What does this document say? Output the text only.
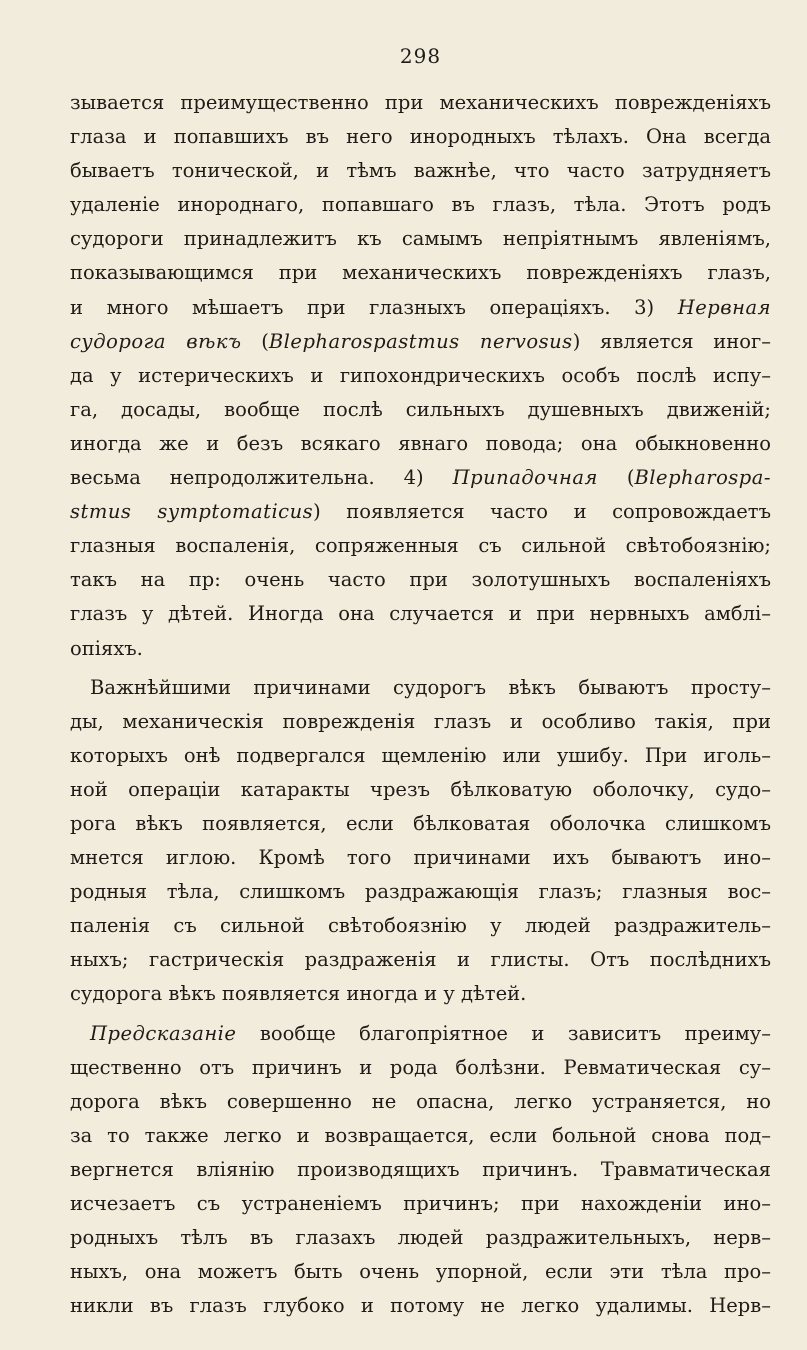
298
зывается преимущественно при механическихъ поврежденіяхъ
глаза и попавшихъ въ него инородныхъ тѣлахъ. Она всегда
бываетъ тонической, и тѣмъ важнѣе, что часто затрудняетъ
удаленіе инороднаго, попавшаго въ глазъ, тѣла. Этотъ родъ
судороги принадлежитъ къ самымъ непріятнымъ явленіямъ,
показывающимся при механическихъ поврежденіяхъ глазъ,
и много мѣшаетъ при глазныхъ операціяхъ. 3) Нервная
судорога вѣкъ (Blepharospastmus nervosus) является иног–
да у истерическихъ и гипохондрическихъ особъ послѣ испу–
га, досады, вообще послѣ сильныхъ душевныхъ движеній;
иногда же и безъ всякаго явнаго повода; она обыкновенно
весьма непродолжительна. 4) Припадочная (Blepharospa-
stmus symptomaticus) появляется часто и сопровождаетъ
глазныя воспаленія, сопряженныя съ сильной свѣтобоязнію;
такъ на пр: очень часто при золотушныхъ воспаленіяхъ
глазъ у дѣтей. Иногда она случается и при нервныхъ амблі–
опіяхъ.
Важнѣйшими причинами судорогъ вѣкъ бываютъ просту–
ды, механическія поврежденія глазъ и особливо такія, при
которыхъ онѣ подвергался щемленію или ушибу. При иголь–
ной операціи катаракты чрезъ бѣлковатую оболочку, судо–
рога вѣкъ появляется, если бѣлковатая оболочка слишкомъ
мнется иглою. Кромѣ того причинами ихъ бываютъ ино–
родныя тѣла, слишкомъ раздражающія глазъ; глазныя вос–
паленія съ сильной свѣтобоязнію у людей раздражитель–
ныхъ; гастрическія раздраженія и глисты. Отъ послѣднихъ
судорога вѣкъ появляется иногда и у дѣтей.
Предсказаніе вообще благопріятное и зависитъ преиму–
щественно отъ причинъ и рода болѣзни. Ревматическая су–
дорога вѣкъ совершенно не опасна, легко устраняется, но
за то также легко и возвращается, если больной снова под–
вергнется вліянію производящихъ причинъ. Травматическая
исчезаетъ съ устраненіемъ причинъ; при нахожденіи ино–
родныхъ тѣлъ въ глазахъ людей раздражительныхъ, нерв–
ныхъ, она можетъ быть очень упорной, если эти тѣла про–
никли въ глазъ глубоко и потому не легко удалимы. Нерв–
